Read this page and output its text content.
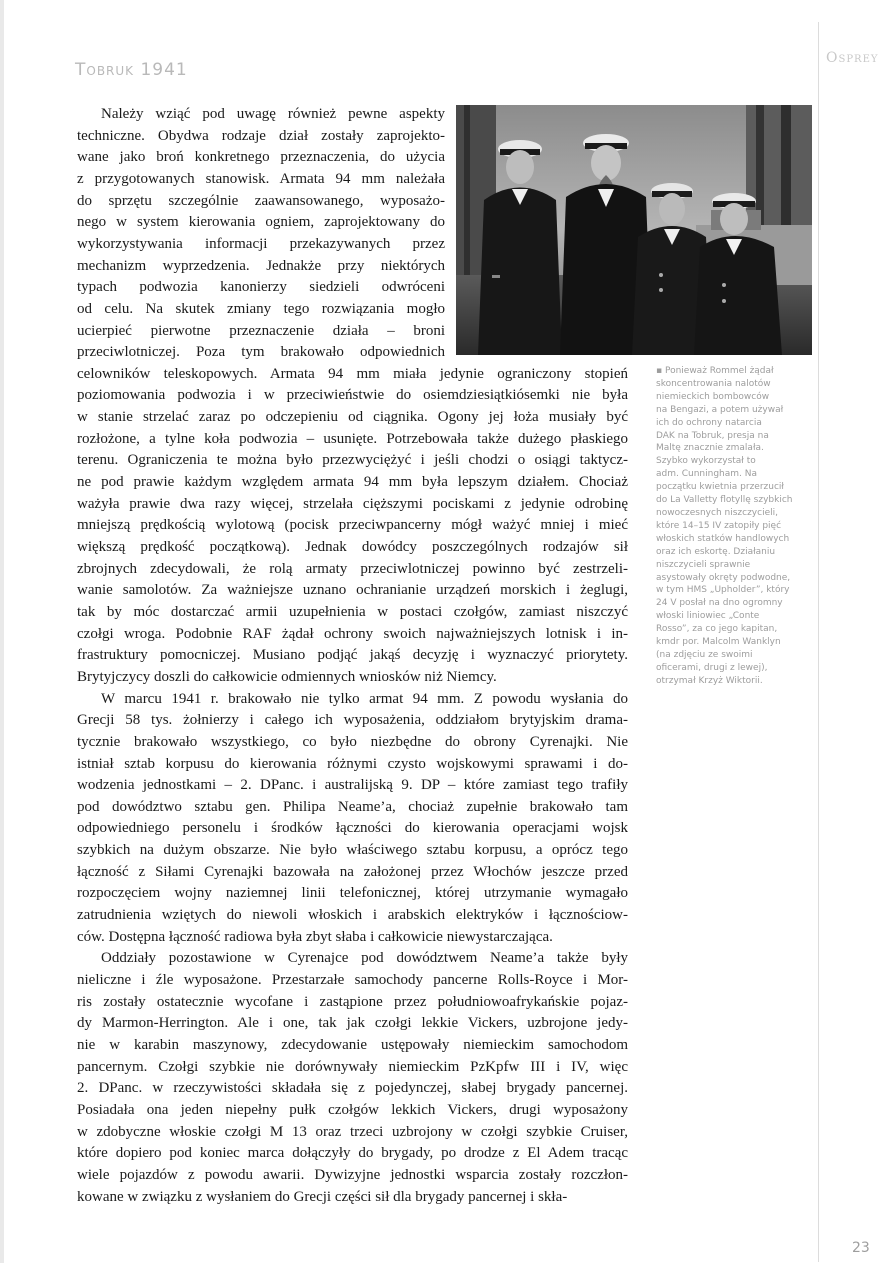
Tobruk 1941
Osprey
23
▪ Ponieważ Rommel żądał
skoncentrowania nalotów
niemieckich bombowców
na Bengazi, a potem używał
ich do ochrony natarcia
DAK na Tobruk, presja na
Maltę znacznie zmalała.
Szybko wykorzystał to
adm. Cunningham. Na
początku kwietnia przerzucił
do La Valletty flotyllę szybkich
nowoczesnych niszczycieli,
które 14–15 IV zatopiły pięć
włoskich statków handlowych
oraz ich eskortę. Działaniu
niszczycieli sprawnie
asystowały okręty podwodne,
w tym HMS „Upholder”, który
24 V posłał na dno ogromny
włoski liniowiec „Conte
Rosso”, za co jego kapitan,
kmdr por. Malcolm Wanklyn
(na zdjęciu ze swoimi
oficerami, drugi z lewej),
otrzymał Krzyż Wiktorii.
Należy wziąć pod uwagę również pewne aspekty
techniczne. Obydwa rodzaje dział zostały zaprojekto-
wane jako broń konkretnego przeznaczenia, do użycia
z przygotowanych stanowisk. Armata 94 mm należała
do sprzętu szczególnie zaawansowanego, wyposażo-
nego w system kierowania ogniem, zaprojektowany do
wykorzystywania informacji przekazywanych przez
mechanizm wyprzedzenia. Jednakże przy niektórych
typach podwozia kanonierzy siedzieli odwróceni
od celu. Na skutek zmiany tego rozwiązania mogło
ucierpieć pierwotne przeznaczenie działa – broni
przeciwlotniczej. Poza tym brakowało odpowiednich
celowników teleskopowych. Armata 94 mm miała jedynie ograniczony stopień
poziomowania podwozia i w przeciwieństwie do osiemdziesiątkiósemki nie była
w stanie strzelać zaraz po odczepieniu od ciągnika. Ogony jej łoża musiały być
rozłożone, a tylne koła podwozia – usunięte. Potrzebowała także dużego płaskiego
terenu. Ograniczenia te można było przezwyciężyć i jeśli chodzi o osiągi taktycz-
ne pod prawie każdym względem armata 94 mm była lepszym działem. Chociaż
ważyła prawie dwa razy więcej, strzelała cięższymi pociskami z jedynie odrobinę
mniejszą prędkością wylotową (pocisk przeciwpancerny mógł ważyć mniej i mieć
większą prędkość początkową). Jednak dowódcy poszczególnych rodzajów sił
zbrojnych zdecydowali, że rolą armaty przeciwlotniczej powinno być zestrzeli-
wanie samolotów. Za ważniejsze uznano ochranianie urządzeń morskich i żeglugi,
tak by móc dostarczać armii uzupełnienia w postaci czołgów, zamiast niszczyć
czołgi wroga. Podobnie RAF żądał ochrony swoich najważniejszych lotnisk i in-
frastruktury pomocniczej. Musiano podjąć jakąś decyzję i wyznaczyć priorytety.
Brytyjczycy doszli do całkowicie odmiennych wniosków niż Niemcy.
W marcu 1941 r. brakowało nie tylko armat 94 mm. Z powodu wysłania do
Grecji 58 tys. żołnierzy i całego ich wyposażenia, oddziałom brytyjskim drama-
tycznie brakowało wszystkiego, co było niezbędne do obrony Cyrenajki. Nie
istniał sztab korpusu do kierowania różnymi czysto wojskowymi sprawami i do-
wodzenia jednostkami – 2. DPanc. i australijską 9. DP – które zamiast tego trafiły
pod dowództwo sztabu gen. Philipa Neame’a, chociaż zupełnie brakowało tam
odpowiedniego personelu i środków łączności do kierowania operacjami wojsk
szybkich na dużym obszarze. Nie było właściwego sztabu korpusu, a oprócz tego
łączność z Siłami Cyrenajki bazowała na założonej przez Włochów jeszcze przed
rozpoczęciem wojny naziemnej linii telefonicznej, której utrzymanie wymagało
zatrudnienia wziętych do niewoli włoskich i arabskich elektryków i łącznościow-
ców. Dostępna łączność radiowa była zbyt słaba i całkowicie niewystarczająca.
Oddziały pozostawione w Cyrenajce pod dowództwem Neame’a także były
nieliczne i źle wyposażone. Przestarzałe samochody pancerne Rolls-Royce i Mor-
ris zostały ostatecznie wycofane i zastąpione przez południowoafrykańskie pojaz-
dy Marmon-Herrington. Ale i one, tak jak czołgi lekkie Vickers, uzbrojone jedy-
nie w karabin maszynowy, zdecydowanie ustępowały niemieckim samochodom
pancernym. Czołgi szybkie nie dorównywały niemieckim PzKpfw III i IV, więc
2. DPanc. w rzeczywistości składała się z pojedynczej, słabej brygady pancernej.
Posiadała ona jeden niepełny pułk czołgów lekkich Vickers, drugi wyposażony
w zdobyczne włoskie czołgi M 13 oraz trzeci uzbrojony w czołgi szybkie Cruiser,
które dopiero pod koniec marca dołączyły do brygady, po drodze z El Adem tracąc
wiele pojazdów z powodu awarii. Dywizyjne jednostki wsparcia zostały rozczłon-
kowane w związku z wysłaniem do Grecji części sił dla brygady pancernej i skła-
